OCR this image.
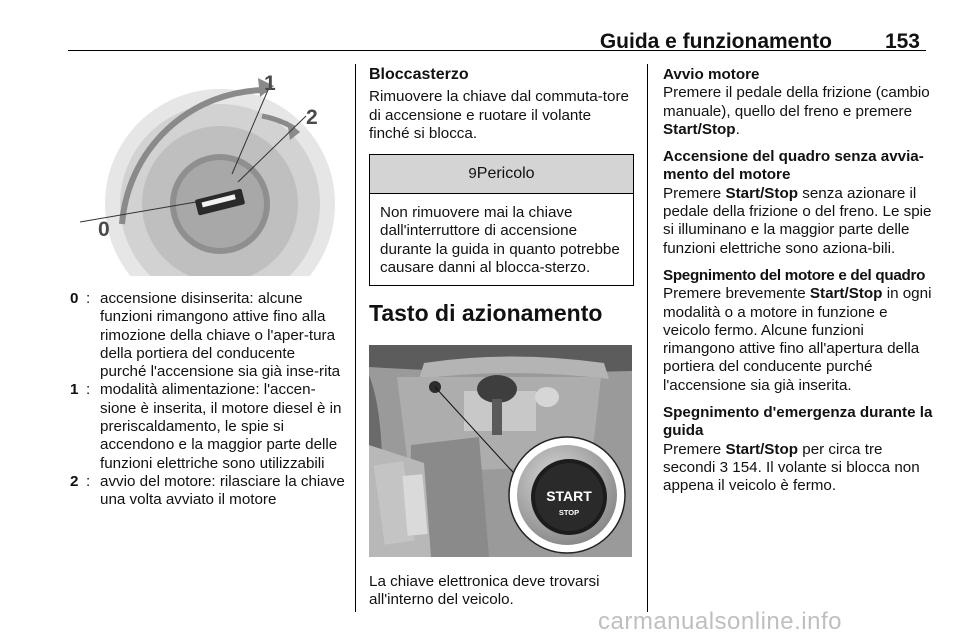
Guida e funzionamento	153
1
2
0
0 : accensione disinserita: alcune funzioni rimangono attive fino alla rimozione della chiave o l'aper-tura della portiera del conducente purché l'accensione sia già inse-rita
1 : modalità alimentazione: l'accen-sione è inserita, il motore diesel è in preriscaldamento, le spie si accendono e la maggior parte delle funzioni elettriche sono utilizzabili
2 : avvio del motore: rilasciare la chiave una volta avviato il motore
Bloccasterzo

Rimuovere la chiave dal commuta-tore di accensione e ruotare il volante finché si blocca.

9 Pericolo
Non rimuovere mai la chiave dall'interruttore di accensione durante la guida in quanto potrebbe causare danni al blocca-sterzo.
Tasto di azionamento
START
STOP
La chiave elettronica deve trovarsi all'interno del veicolo.
Avvio motore

Premere il pedale della frizione (cambio manuale), quello del freno e premere Start/Stop.

Accensione del quadro senza avvia-mento del motore

Premere Start/Stop senza azionare il pedale della frizione o del freno. Le spie si illuminano e la maggior parte delle funzioni elettriche sono aziona-bili.

Spegnimento del motore e del quadro

Premere brevemente Start/Stop in ogni modalità o a motore in funzione e veicolo fermo. Alcune funzioni rimangono attive fino all'apertura della portiera del conducente purché l'accensione sia già inserita.

Spegnimento d'emergenza durante la guida

Premere Start/Stop per circa tre secondi 3 154. Il volante si blocca non appena il veicolo è fermo.

carmanualsonline.info
